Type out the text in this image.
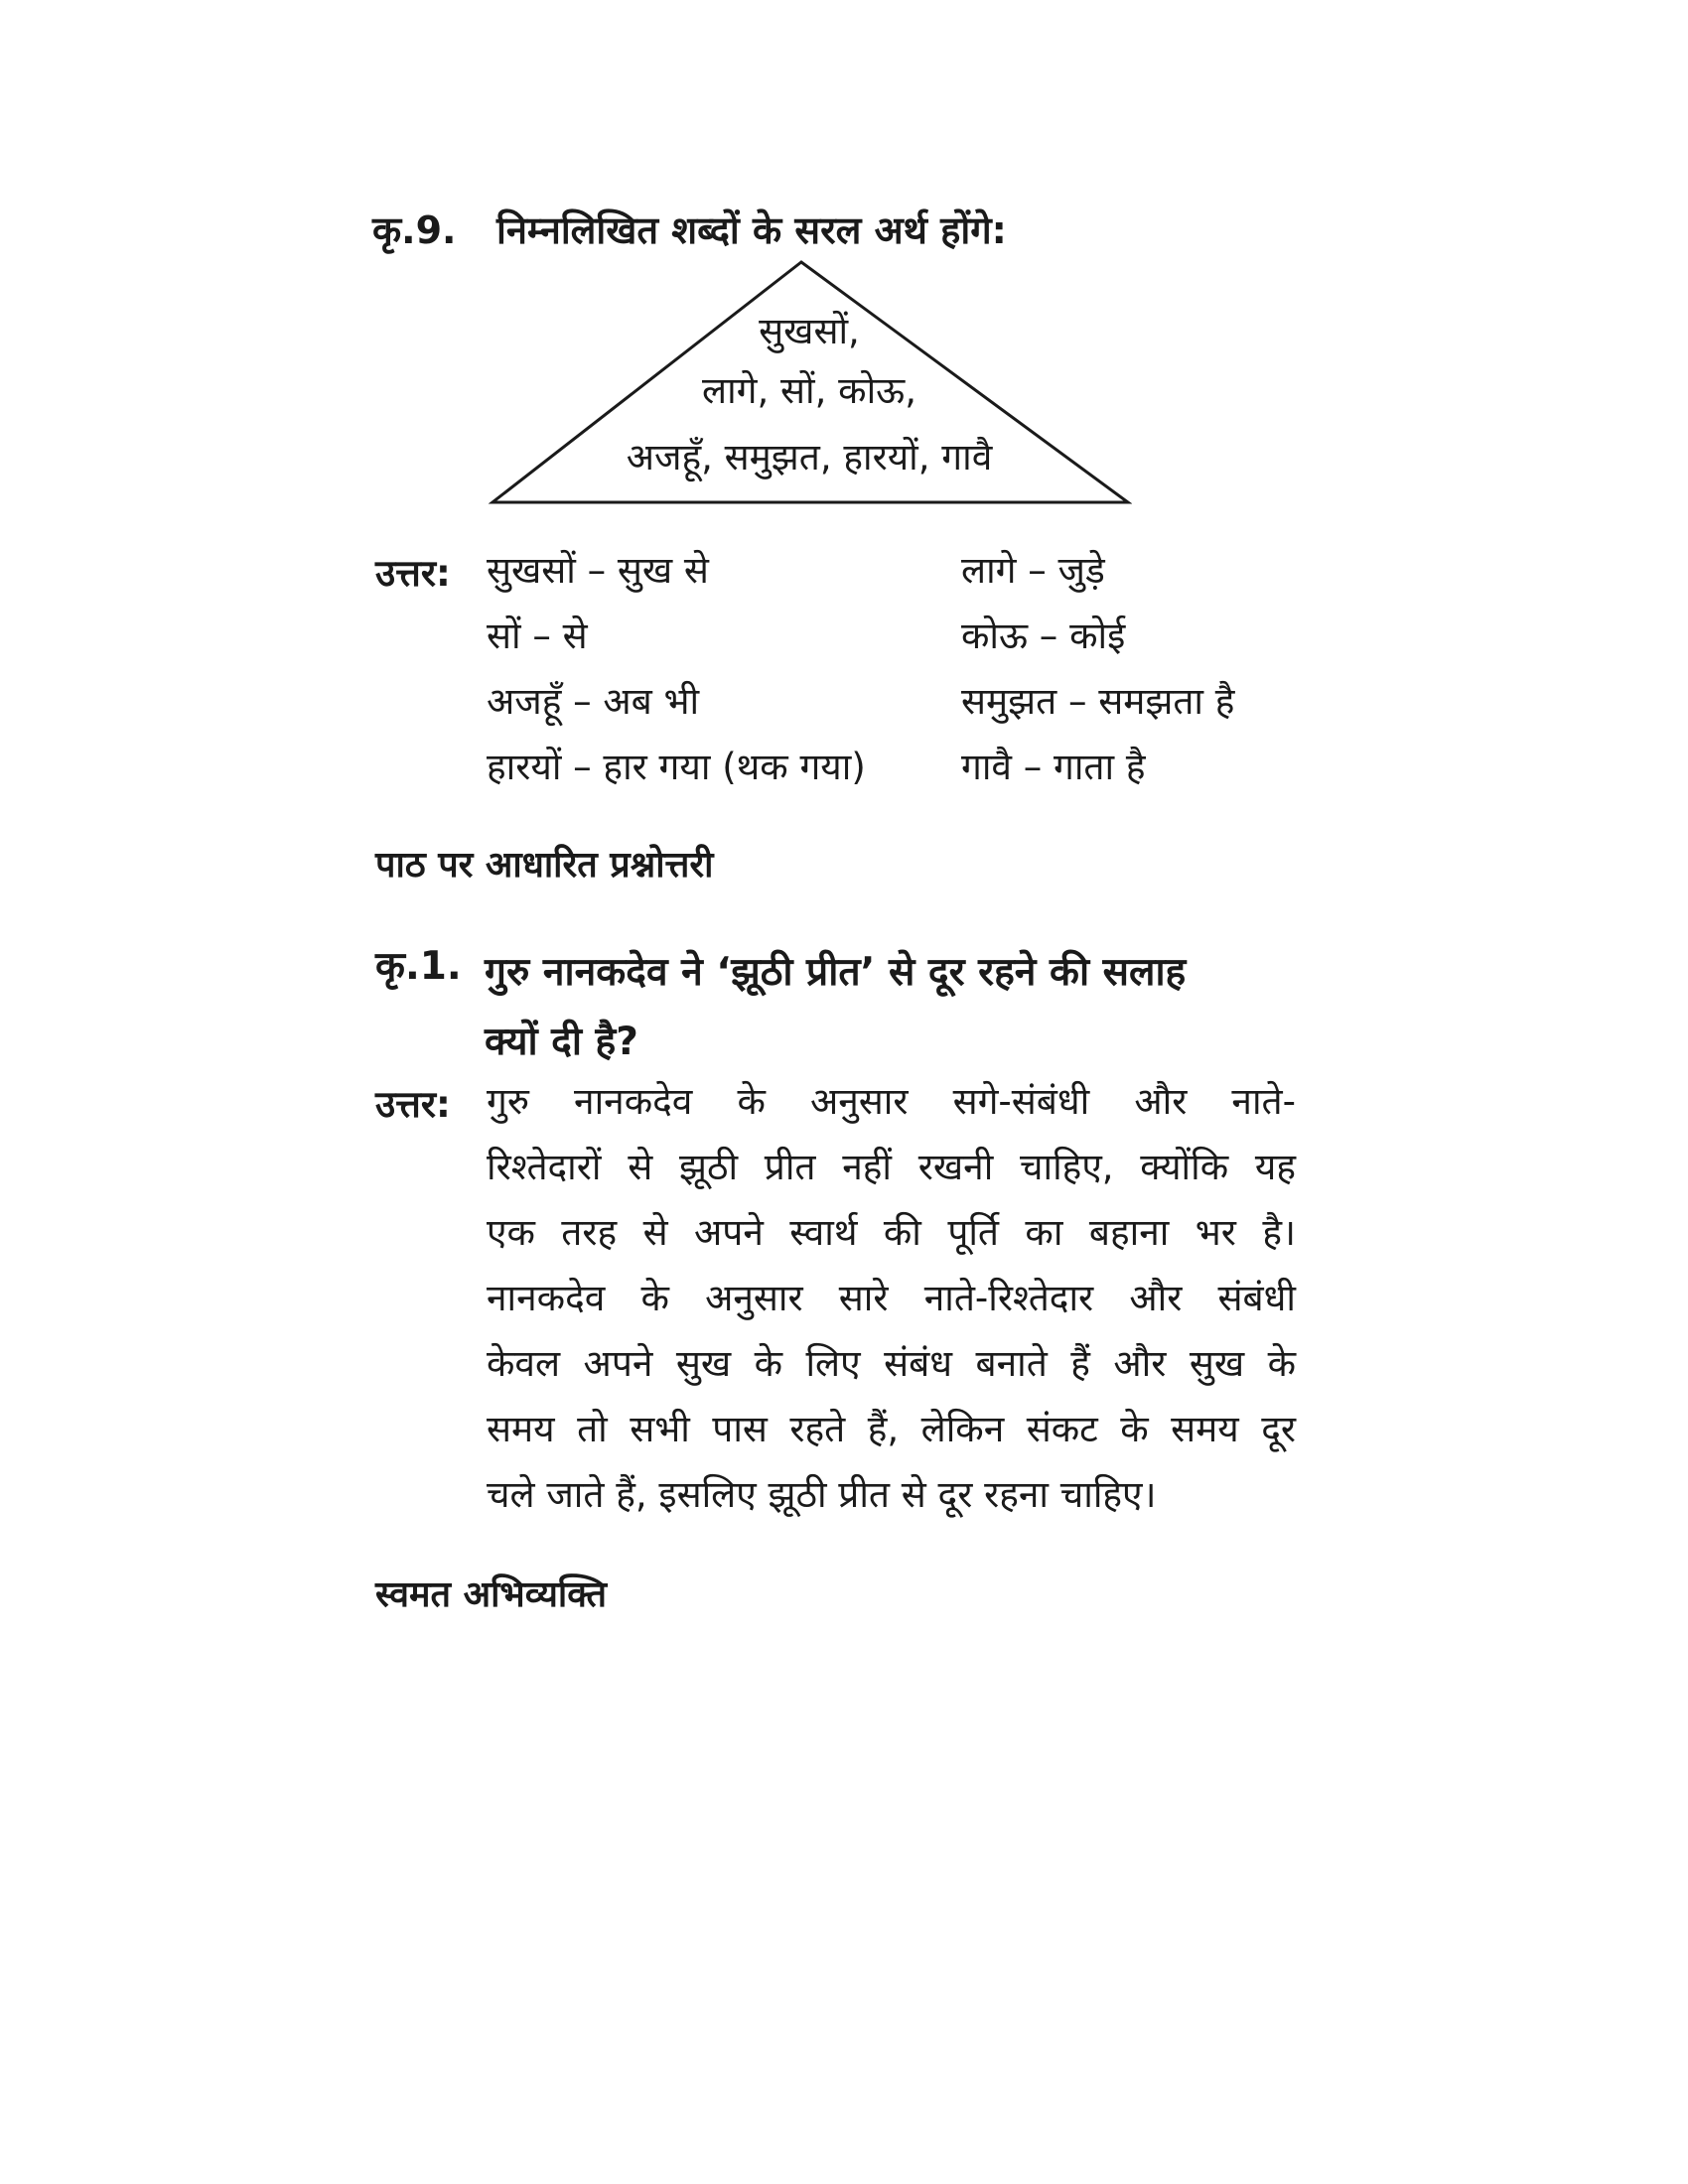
कृ.9. निम्नलिखित शब्दों के सरल अर्थ होंगे:
सुखसों,
लागे, सों, कोऊ,
अजहूँ, समुझत, हारयों, गावै
उत्तर: सुखसों – सुख से
सों – से
अजहूँ – अब भी
हारयों – हार गया (थक गया)
लागे – जुड़े
कोऊ – कोई
समुझत – समझता है
गावै – गाता है
पाठ पर आधारित प्रश्नोत्तरी
कृ.1. गुरु नानकदेव ने ‘झूठी प्रीत’ से दूर रहने की सलाह
क्यों दी है?
उत्तर: गुरु नानकदेव के अनुसार सगे-संबंधी और नाते-
रिश्तेदारों से झूठी प्रीत नहीं रखनी चाहिए, क्योंकि यह
एक तरह से अपने स्वार्थ की पूर्ति का बहाना भर है।
नानकदेव के अनुसार सारे नाते-रिश्तेदार और संबंधी
केवल अपने सुख के लिए संबंध बनाते हैं और सुख के
समय तो सभी पास रहते हैं, लेकिन संकट के समय दूर
चले जाते हैं, इसलिए झूठी प्रीत से दूर रहना चाहिए।
स्वमत अभिव्यक्ति
